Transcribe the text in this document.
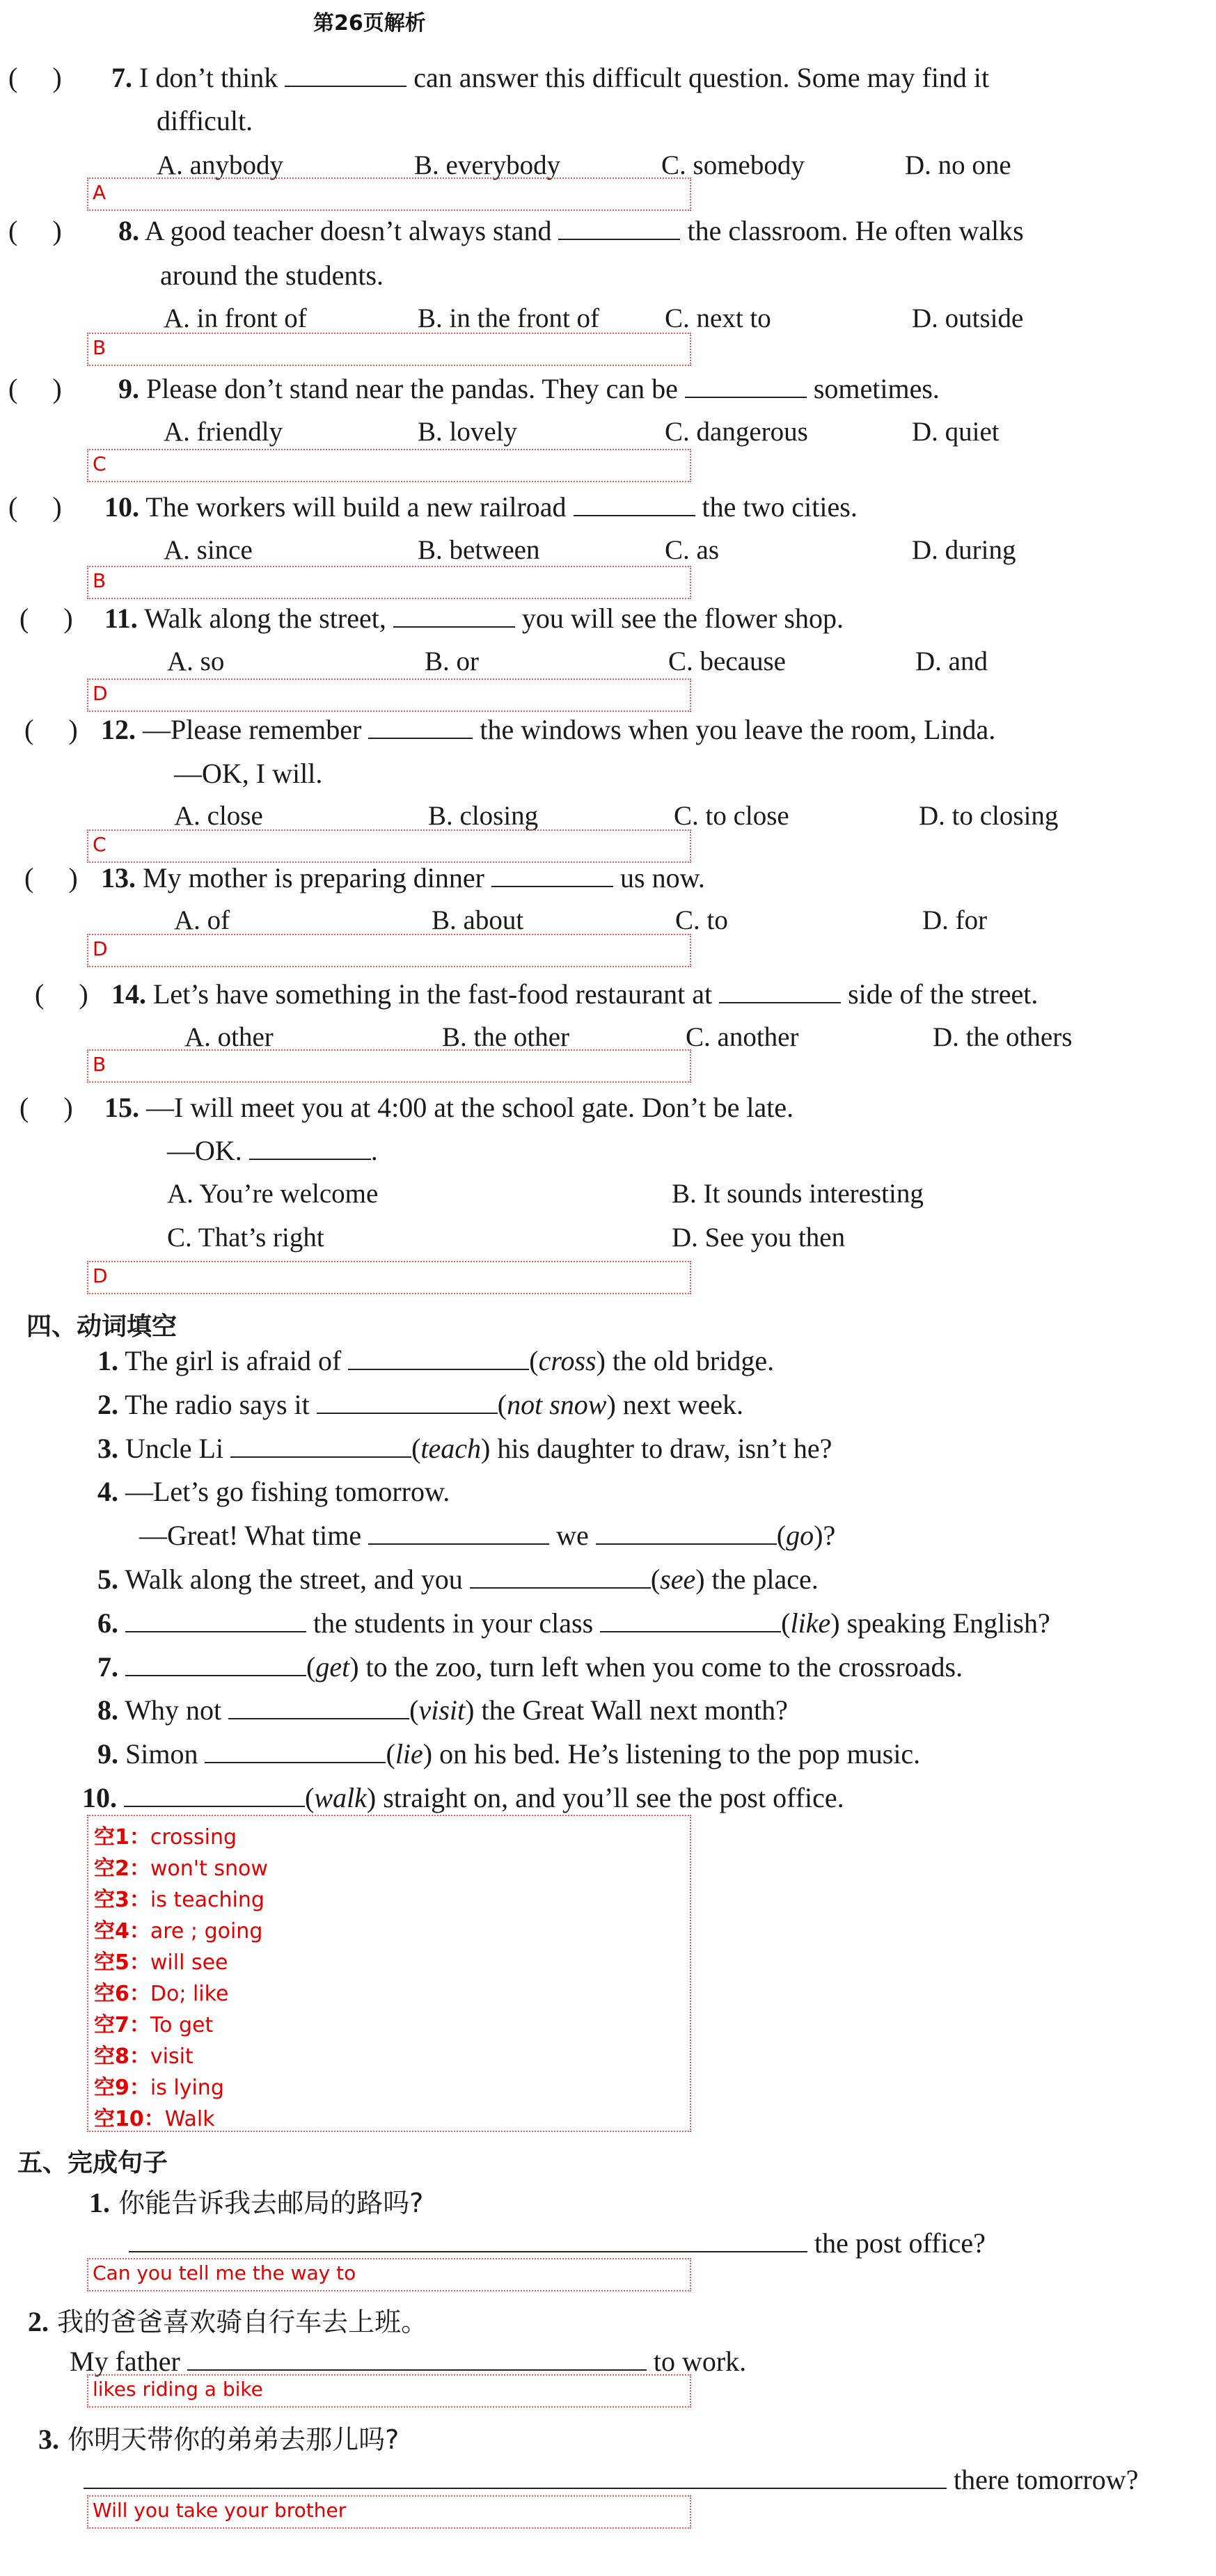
第26页解析
(     ) 7. I don’t think	can answer this difficult question. Some may find it
difficult.
A. anybody	B. everybody	C. somebody	D. no one
A
(     ) 8. A good teacher doesn’t always stand	the classroom. He often walks
around the students.
A. in front of	B. in the front of C. next to	D. outside
B
(     ) 9. Please don’t stand near the pandas. They can be	sometimes.
A. friendly	B. lovely	C. dangerous	D. quiet
C
(     ) 10. The workers will build a new railroad	the two cities.
A. since	B. between	C. as	D. during
B
(     ) 11. Walk along the street,	you will see the flower shop.
A. so	B. or	C. because	D. and
D
(     ) 12. —Please remember	the windows when you leave the room, Linda.
—OK, I will.
A. close	B. closing	C. to close	D. to closing
C
(     ) 13. My mother is preparing dinner	us now.
A. of	B. about	C. to	D. for
D
(     ) 14. Let’s have something in the fast-food restaurant at	side of the street.
A. other	B. the other	C. another	D. the others
B
(     ) 15. —I will meet you at 4:00 at the school gate. Don’t be late.
—OK.	.
A. You’re welcome	B. It sounds interesting
C. That’s right	D. See you then
D
四、动词填空
1. The girl is afraid of	(cross) the old bridge.
2. The radio says it	(not snow) next week.
3. Uncle Li	(teach) his daughter to draw, isn’t he?
4. —Let’s go fishing tomorrow.
—Great! What time	we	(go)?
5. Walk along the street, and you	(see) the place.
6.	the students in your class	(like) speaking English?
7.	(get) to the zoo, turn left when you come to the crossroads.
8. Why not	(visit) the Great Wall next month?
9. Simon	(lie) on his bed. He’s listening to the pop music.
10.	(walk) straight on, and you’ll see the post office.
空1：crossing
空2：won't snow
空3：is teaching
空4：are ; going
空5：will see
空6：Do; like
空7：To get
空8：visit
空9：is lying
空10：Walk
五、完成句子
1. 你能告诉我去邮局的路吗?
the post office?
Can you tell me the way to
2. 我的爸爸喜欢骑自行车去上班。
My father	to work.
likes riding a bike
3. 你明天带你的弟弟去那儿吗?
there tomorrow?
Will you take your brother
